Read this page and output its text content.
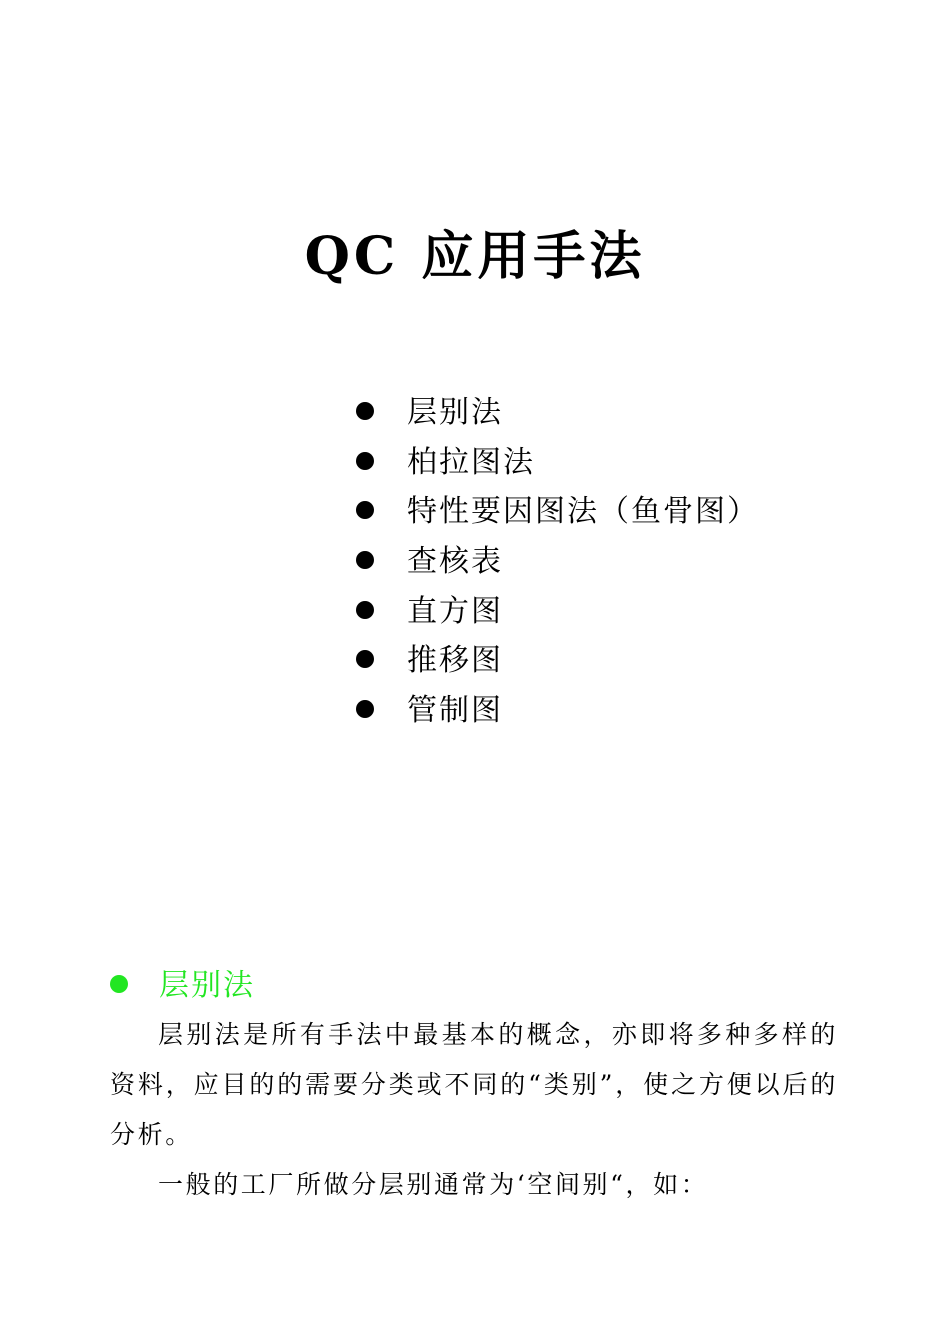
QC 应用手法
层别法
柏拉图法
特性要因图法（鱼骨图）
查核表
直方图
推移图
管制图
层别法

层别法是所有手法中最基本的概念，亦即将多种多样的资料，应目的的需要分类或不同的“类别”，使之方便以后的分析。

一般的工厂所做分层别通常为‘空间别“，如：
